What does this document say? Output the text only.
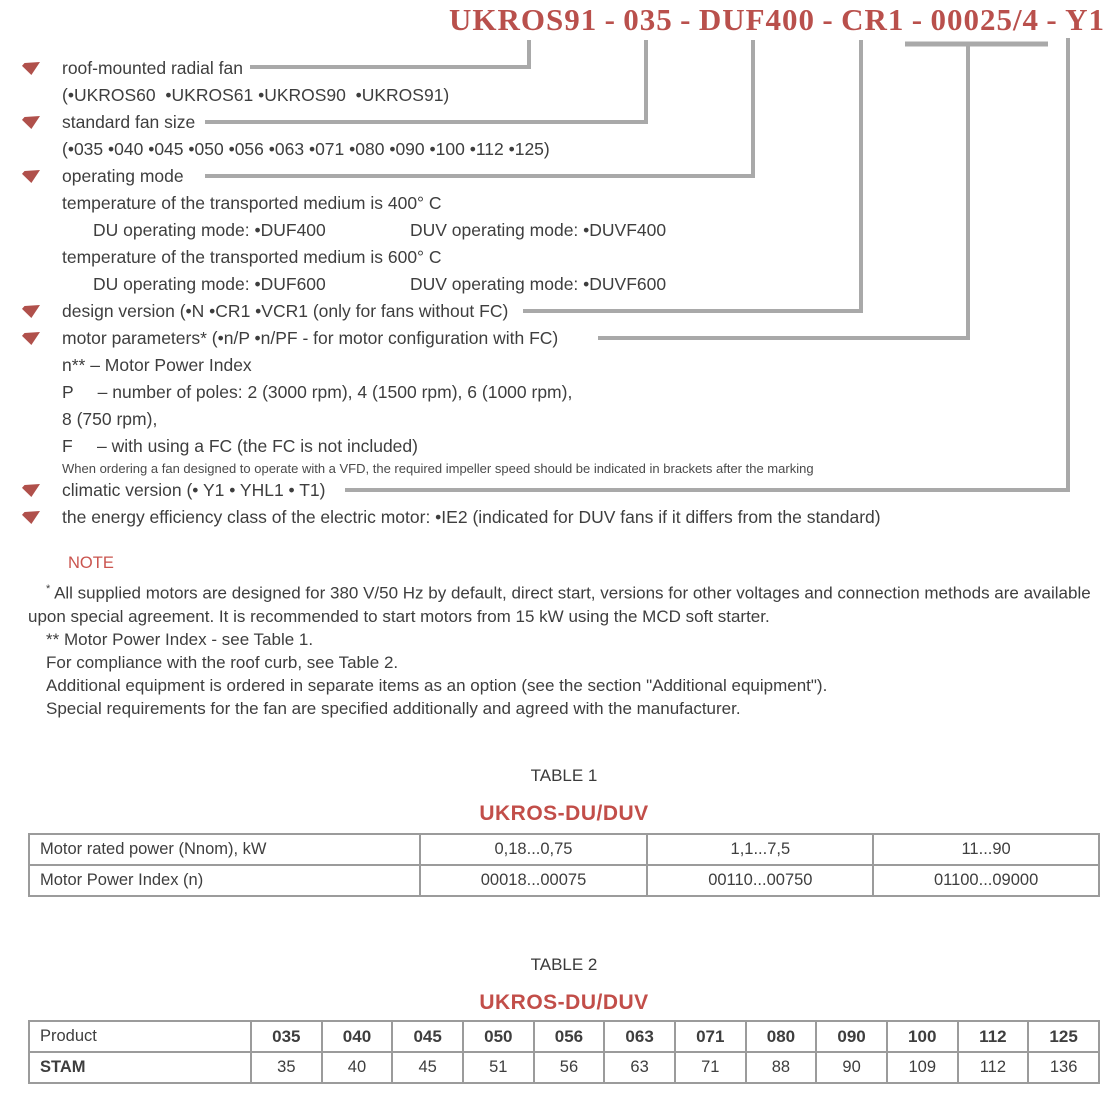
UKROS91 - 035 - DUF400 - CR1 - 00025/4 - Y1
roof-mounted radial fan
(•UKROS60  •UKROS61 •UKROS90  •UKROS91)
standard fan size
(•035 •040 •045 •050 •056 •063 •071 •080 •090 •100 •112 •125)
operating mode
temperature of the transported medium is 400° C
DU operating mode: •DUF400	DUV operating mode: •DUVF400
temperature of the transported medium is 600° C
DU operating mode: •DUF600	DUV operating mode: •DUVF600
design version (•N •CR1 •VCR1 (only for fans without FC)
motor parameters* (•n/P •n/PF - for motor configuration with FC)
n** – Motor Power Index
P     – number of poles: 2 (3000 rpm), 4 (1500 rpm), 6 (1000 rpm),
8 (750 rpm),
F     – with using a FC (the FC is not included)
When ordering a fan designed to operate with a VFD, the required impeller speed should be indicated in brackets after the marking
climatic version (• Y1 • YHL1 • T1)
the energy efficiency class of the electric motor: •IE2 (indicated for DUV fans if it differs from the standard)
NOTE

* All supplied motors are designed for 380 V/50 Hz by default, direct start, versions for other voltages and connection methods are available upon special agreement. It is recommended to start motors from 15 kW using the MCD soft starter.

** Motor Power Index - see Table 1.
For compliance with the roof curb, see Table 2.
Additional equipment is ordered in separate items as an option (see the section "Additional equipment").
Special requirements for the fan are specified additionally and agreed with the manufacturer.
TABLE 1
UKROS-DU/DUV
Motor rated power (Nnom), kW	0,18...0,75	1,1...7,5	11...90
Motor Power Index (n)	00018...00075	00110...00750	01100...09000
TABLE 2
UKROS-DU/DUV
Product	035	040	045	050	056	063	071	080	090	100	112	125
STAM	35	40	45	51	56	63	71	88	90	109	112	136
